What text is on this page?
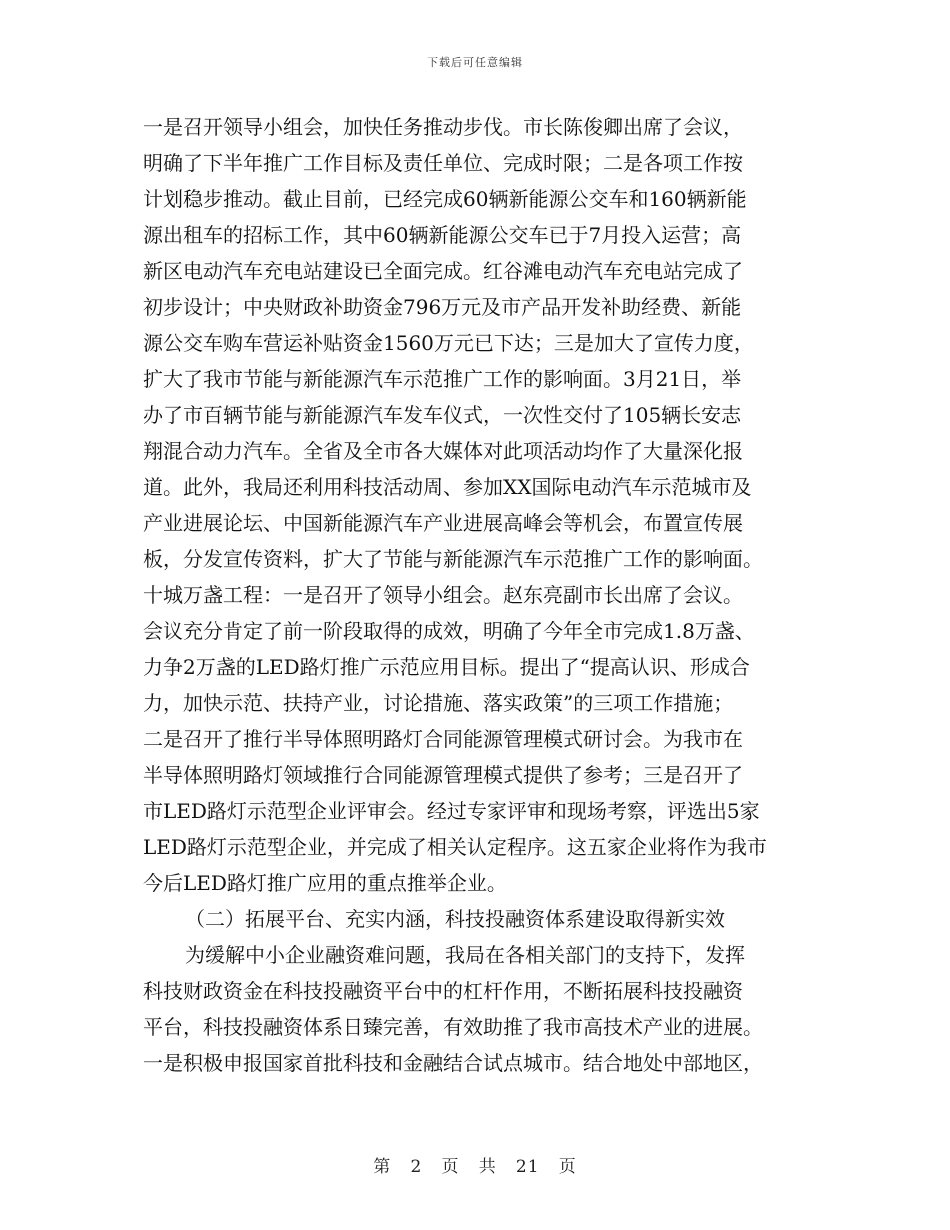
下载后可任意编辑
一是召开领导小组会，加快任务推动步伐。市长陈俊卿出席了会议，
明确了下半年推广工作目标及责任单位、完成时限；二是各项工作按
计划稳步推动。截止目前，已经完成60辆新能源公交车和160辆新能
源出租车的招标工作，其中60辆新能源公交车已于7月投入运营；高
新区电动汽车充电站建设已全面完成。红谷滩电动汽车充电站完成了
初步设计；中央财政补助资金796万元及市产品开发补助经费、新能
源公交车购车营运补贴资金1560万元已下达；三是加大了宣传力度，
扩大了我市节能与新能源汽车示范推广工作的影响面。3月21日，举
办了市百辆节能与新能源汽车发车仪式，一次性交付了105辆长安志
翔混合动力汽车。全省及全市各大媒体对此项活动均作了大量深化报
道。此外，我局还利用科技活动周、参加XX国际电动汽车示范城市及
产业进展论坛、中国新能源汽车产业进展高峰会等机会，布置宣传展
板，分发宣传资料，扩大了节能与新能源汽车示范推广工作的影响面。
十城万盏工程：一是召开了领导小组会。赵东亮副市长出席了会议。
会议充分肯定了前一阶段取得的成效，明确了今年全市完成1.8万盏、
力争2万盏的LED路灯推广示范应用目标。提出了“提高认识、形成合
力，加快示范、扶持产业，讨论措施、落实政策”的三项工作措施；
二是召开了推行半导体照明路灯合同能源管理模式研讨会。为我市在
半导体照明路灯领域推行合同能源管理模式提供了参考；三是召开了
市LED路灯示范型企业评审会。经过专家评审和现场考察，评选出5家
LED路灯示范型企业，并完成了相关认定程序。这五家企业将作为我市
今后LED路灯推广应用的重点推举企业。
（二）拓展平台、充实内涵，科技投融资体系建设取得新实效
为缓解中小企业融资难问题，我局在各相关部门的支持下，发挥
科技财政资金在科技投融资平台中的杠杆作用，不断拓展科技投融资
平台，科技投融资体系日臻完善，有效助推了我市高技术产业的进展。
一是积极申报国家首批科技和金融结合试点城市。结合地处中部地区，
第 2 页 共 21 页
